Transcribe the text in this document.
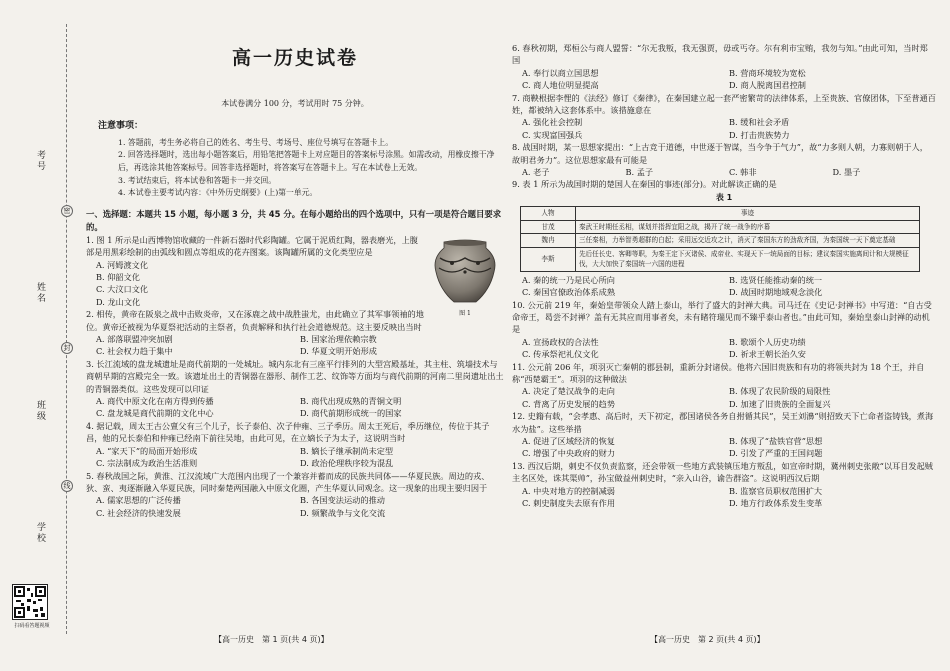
考号
姓名
班级
学校
密
封
线
扫码看答题视频
高一历史试卷
本试卷满分 100 分，考试用时 75 分钟。
注意事项：
1. 答题前，考生务必将自己的姓名、考生号、考场号、座位号填写在答题卡上。
2. 回答选择题时，选出每小题答案后，用铅笔把答题卡上对应题目的答案标号涂黑。如需改动，用橡皮擦干净后，再选涂其他答案标号。回答非选择题时，将答案写在答题卡上。写在本试卷上无效。
3. 考试结束后，将本试卷和答题卡一并交回。
4. 本试卷主要考试内容：《中外历史纲要》(上)第一单元。
一、选择题：本题共 15 小题，每小题 3 分，共 45 分。在每小题给出的四个选项中，只有一项是符合题目要求的。
图 1
1. 图 1 所示是山西博物馆收藏的一件新石器时代彩陶罐。它属于泥质红陶，器表磨光，上腹部是用黑彩绘制的由弧线和圆点等组成的花卉图案。该陶罐所属的文化类型应是
A. 河姆渡文化
B. 仰韶文化
C. 大汶口文化
D. 龙山文化
2. 相传，黄帝在阪泉之战中击败炎帝，又在涿鹿之战中战胜蚩尤，由此确立了其军事领袖的地位。黄帝还被视为华夏祭祀活动的主祭者，负责解释和执行社会道德规范。这主要反映出当时
A. 部落联盟冲突加剧	B. 国家治理依赖宗教
C. 社会权力趋于集中	D. 华夏文明开始形成
3. 长江流域的盘龙城遗址是商代前期的一处城址。城内东北有三座平行排列的大型宫殿基址，其主柱、筑墙技术与商朝早期的宫殿完全一致。该遗址出土的青铜器在器形、制作工艺、纹饰等方面均与商代前期的河南二里岗遗址出土的青铜器类似。这些发现可以印证
A. 商代中原文化在南方得到传播	B. 商代出现成熟的青铜文明
C. 盘龙城是商代前期的文化中心	D. 商代前期形成统一的国家
4. 据记载，周太王古公亶父有三个儿子，长子泰伯、次子仲雍、三子季历。周太王死后，季历继位，传位于其子昌，他的兄长泰伯和仲雍已经南下前往吴地，由此可见，在立嫡长子为太子，这说明当时
A. “家天下”的局面开始形成	B. 嫡长子继承制尚未定型
C. 宗法制成为政治生活准则	D. 政治伦理秩序较为混乱
5. 春秋战国之际，黄淮、江汉流域广大范围内出现了一个兼容并蓄而成的民族共同体——华夏民族。周边的戎、狄、蛮、夷逐渐融入华夏民族，同时秦楚两国融入中原文化圈，产生华夏认同观念。这一现象的出现主要归因于
A. 儒家思想的广泛传播	B. 各国变法运动的推动
C. 社会经济的快速发展	D. 频繁战争与文化交流
6. 春秋初期，郑桓公与商人盟誓：“尔无我叛，我无强贾，毋或丐夺。尔有利市宝贿，我勿与知。”由此可知，当时郑国
A. 奉行以商立国思想	B. 营商环境较为宽松
C. 商人地位明显提高	D. 商人脱离国君控制
7. 商鞅根据李悝的《法经》修订《秦律》，在秦国建立起一套严密繁苛的法律体系，上至贵族、官僚团体，下至普通百姓，都被纳入这套体系中。该措施意在
A. 强化社会控制	B. 缓和社会矛盾
C. 实现富国强兵	D. 打击贵族势力
8. 战国时期，某一思想家提出：“上古竞于道德，中世逐于智谋，当今争于气力”，故“力多则人朝，力寡则朝于人，故明君务力”。这位思想家最有可能是
A. 老子	B. 孟子	C. 韩非	D. 墨子
9. 表 1 所示为战国时期的楚国人在秦国的事迹(部分)。对此解读正确的是
表 1
人物	事迹
甘茂	秦武王时期任丞相，谋划并指挥宜阳之战，揭开了统一战争的序幕
魏冉	三任秦相，力举智勇超群的白起；采用远交近攻之计，消灭了秦国东方的劲敌齐国，为秦国统一天下奠定基础
李斯	先后任长史、客卿等职，为秦王定下灭诸侯、成帝业、实现天下一统局面的目标；建议秦国实施离间计和大规模征伐，大大加快了秦国统一六国的进程
A. 秦的统一乃是民心所向	B. 选贤任能推动秦的统一
C. 秦国官僚政治体系成熟	D. 战国时期地域观念淡化
10. 公元前 219 年，秦始皇带领众人踏上泰山，举行了盛大的封禅大典。司马迁在《史记·封禅书》中写道：“自古受命帝王，曷尝不封禅？盖有无其应而用事者矣，未有睹符瑞见而不臻乎泰山者也。”由此可知，秦始皇泰山封禅的动机是
A. 宣扬政权的合法性	B. 歌颂个人历史功绩
C. 传承祭祀礼仪文化	D. 祈求王朝长治久安
11. 公元前 206 年，项羽灭亡秦朝的郡县制，重新分封诸侯。他将六国旧贵族和有功的将领共封为 18 个王，并自称“西楚霸王”。项羽的这种做法
A. 决定了楚汉战争的走向	B. 体现了农民阶级的局限性
C. 背离了历史发展的趋势	D. 加速了旧贵族的全面复兴
12. 史籍有载，“会孝惠、高后时，天下初定，郡国诸侯各务自拊循其民”，吴王刘濞“则招致天下亡命者盗铸钱，煮海水为盐”。这些举措
A. 促进了区域经济的恢复	B. 体现了“盐铁官营”思想
C. 增强了中央政府的财力	D. 引发了严重的王国问题
13. 西汉后期，刺史不仅负责监察，还会带领一些地方武装镇压地方叛乱，如宣帝时期，冀州刺史张敞“以耳目发起贼主名区处，诛其渠帅”，孙宝做益州刺史时，“亲入山谷，谕告群盗”。这说明西汉后期
A. 中央对地方的控制减弱	B. 监察官员职权范围扩大
C. 刺史制度失去原有作用	D. 地方行政体系发生变革
【高一历史　第 1 页(共 4 页)】	【高一历史　第 2 页(共 4 页)】
